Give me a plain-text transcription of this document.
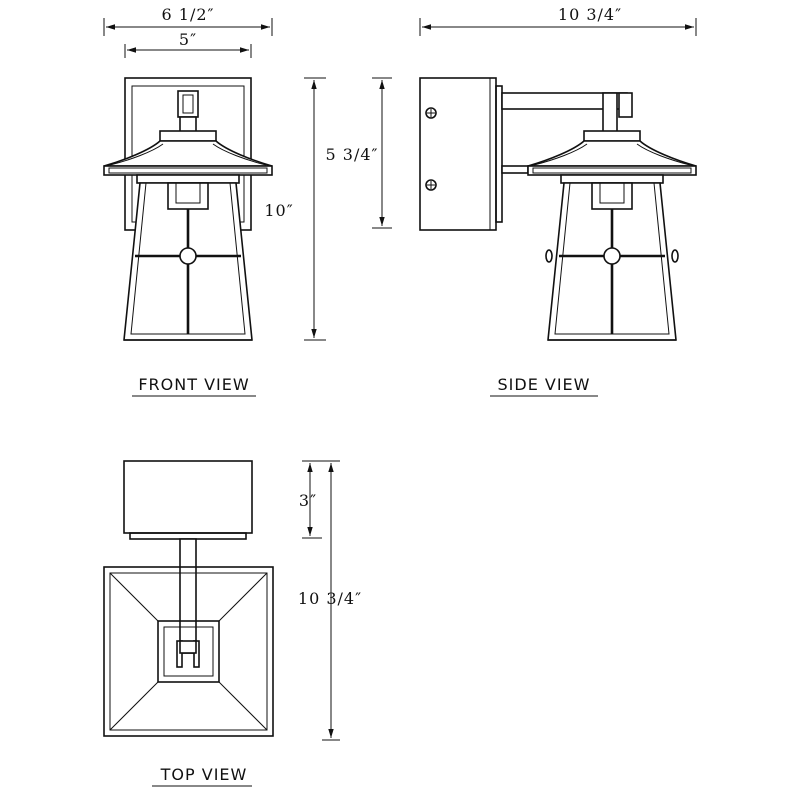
6 1/2″
5″
10″
FRONT VIEW
10 3/4″
5 3/4″
SIDE VIEW
3″
10 3/4″
TOP VIEW
